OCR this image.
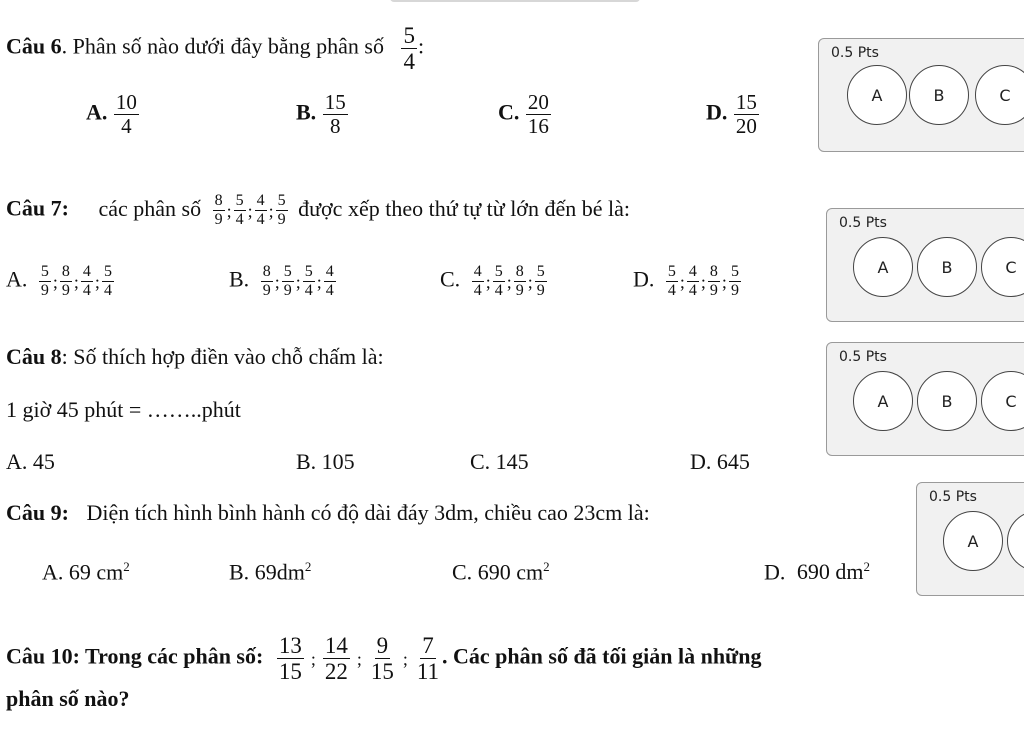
Câu 6. Phân số nào dưới đây bằng phân số $\frac{5}{4}$ :
A. $\frac{10}{4}$	B. $\frac{15}{8}$	C. $\frac{20}{16}$	D. $\frac{15}{20}$
0.5 Pts
A	B	C
Câu 7: các phân số $\frac{8}{9}$ ; $\frac{5}{4}$ ; $\frac{4}{4}$ ; $\frac{5}{9}$ được xếp theo thứ tự từ lớn đến bé là:
A. $\frac{5}{9}$ ; $\frac{8}{9}$ ; $\frac{4}{4}$ ; $\frac{5}{4}$	B. $\frac{8}{9}$ ; $\frac{5}{9}$ ; $\frac{5}{4}$ ; $\frac{4}{4}$	C. $\frac{4}{4}$ ; $\frac{5}{4}$ ; $\frac{8}{9}$ ; $\frac{5}{9}$	D. $\frac{5}{4}$ ; $\frac{4}{4}$ ; $\frac{8}{9}$ ; $\frac{5}{9}$
0.5 Pts
A	B	C
Câu 8: Số thích hợp điền vào chỗ chấm là:
1 giờ 45 phút = ……..phút
A. 45	B. 105	C. 145	D. 645
0.5 Pts
A	B	C
Câu 9: Diện tích hình bình hành có độ dài đáy 3dm, chiều cao 23cm là:
A. 69 $cm^2$	B. $69dm^2$	C. 690 $cm^2$	D. 690 $dm^2$
0.5 Pts
A
Câu 10: Trong các phân số: $\frac{13}{15}$ ; $\frac{14}{22}$ ; $\frac{9}{15}$ ; $\frac{7}{11}$ . Các phân số đã tối giản là những
phân số nào?
